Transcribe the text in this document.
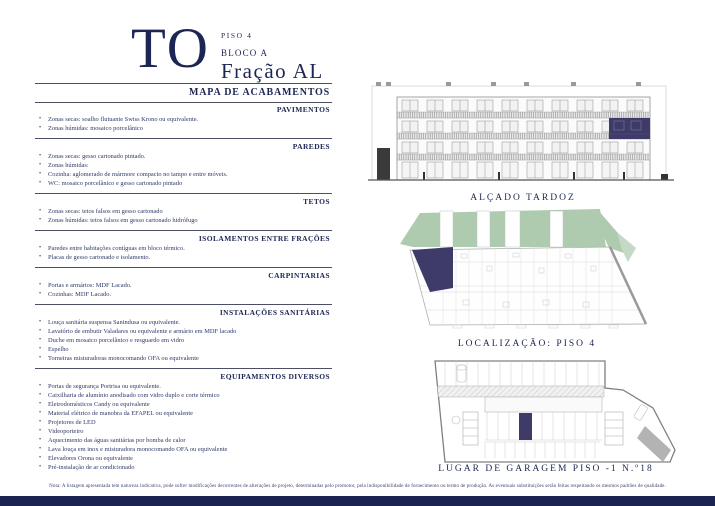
TO PISO 4
BLOCO A
Fração AL
MAPA DE ACABAMENTOS
PAVIMENTOS
• Zonas secas: soalho flutuante Swiss Krono ou equivalente.
• Zonas húmidas: mosaico porcelânico
PAREDES
• Zonas secas: gesso cartonado pintado.
• Zonas húmidas:
• Cozinha: aglomerado de mármore compacto no tampo e entre móveis.
• WC: mosaico porcelânico e gesso cartonado pintado
TETOS
• Zonas secas: tetos falsos em gesso cartonado
• Zonas húmidas: tetos falsos em gesso cartonado hidrófugo
ISOLAMENTOS ENTRE FRAÇÕES
• Paredes entre habitações contíguas em bloco térmico.
• Placas de gesso cartonado e isolamento.
CARPINTARIAS
• Portas e armários: MDF Lacado.
• Cozinhas: MDF Lacado.
INSTALAÇÕES SANITÁRIAS
• Louça sanitária suspensa Sanindusa ou equivalente.
• Lavatório de embutir Valadares ou equivalente e armário em MDF lacado
• Duche em mosaico porcelânico e resguardo em vidro
• Espelho
• Torneiras misturadoras monocomando OFA ou equivalente
EQUIPAMENTOS DIVERSOS
• Portas de segurança Portrisa ou equivalente.
• Caixilharia de alumínio anodisado com vidro duplo e corte térmico
• Eletrodomésticos Candy ou equivalente
• Material elétrico de manobra da EFAPEL ou equivalente
• Projetores de LED
• Videoporteiro
• Aquecimento das águas sanitárias por bomba de calor
• Lava louça em inox e misturadora monocomando OFA ou equivalente
• Elevadores Orona ou equivalente
• Pré-instalação de ar condicionado
ALÇADO TARDOZ
LOCALIZAÇÃO: PISO 4
LUGAR DE GARAGEM PISO -1 N.º18
Nota: A listagem apresentada tem natureza indicativa, pode sofrer modificações decorrentes de alterações de projeto, determinadas pelo promotor, pela indisponibilidade de fornecimento ou termo de produção. As eventuais substituições serão feitas respeitando os mesmos padrões de qualidade.
